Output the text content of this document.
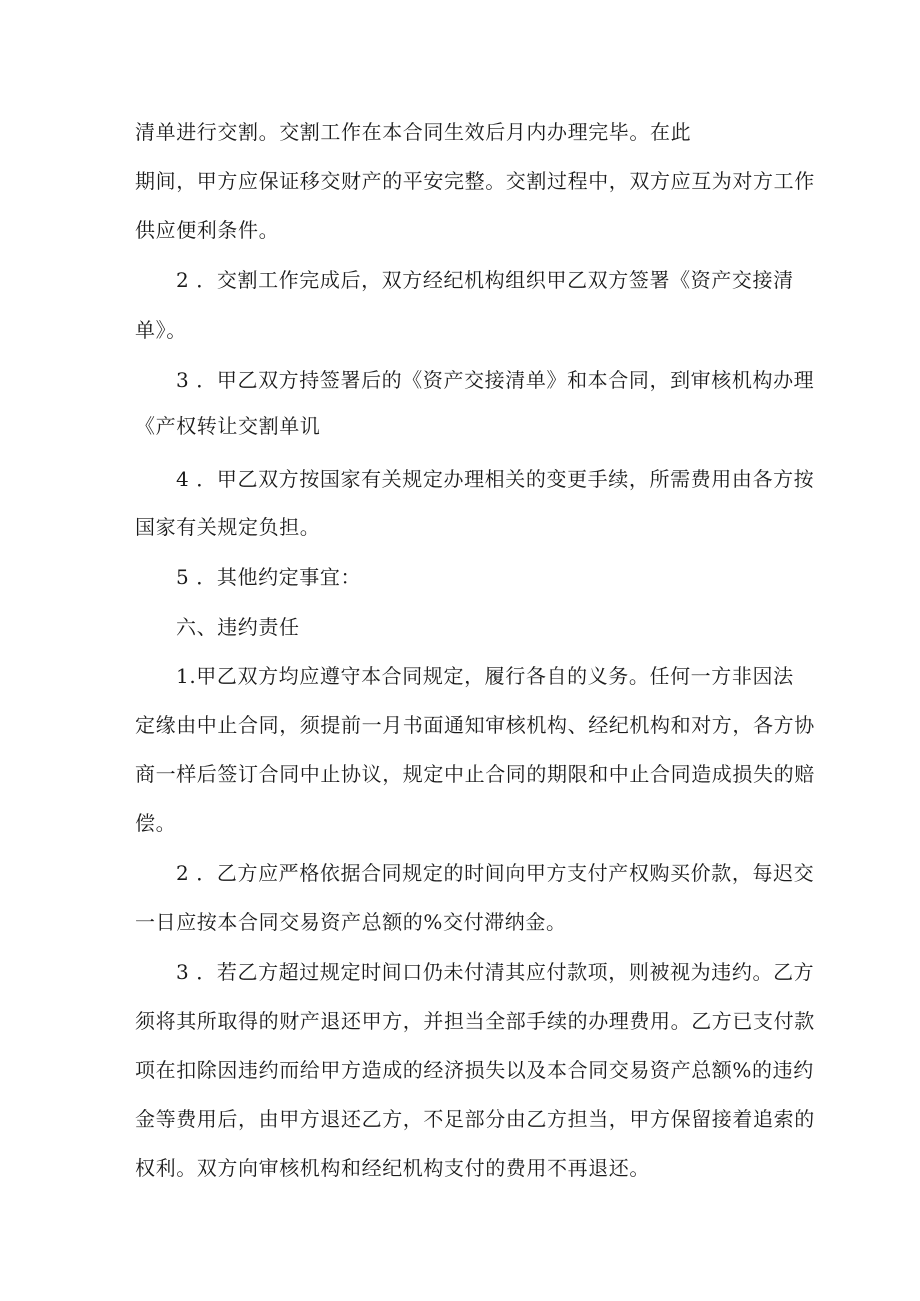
清单进行交割。交割工作在本合同生效后月内办理完毕。在此
期间，甲方应保证移交财产的平安完整。交割过程中，双方应互为对方工作
供应便利条件。
2 ．交割工作完成后，双方经纪机构组织甲乙双方签署《资产交接清
单》。
3 ．甲乙双方持签署后的《资产交接清单》和本合同，到审核机构办理
《产权转让交割单讥
4 ．甲乙双方按国家有关规定办理相关的变更手续，所需费用由各方按
国家有关规定负担。
5 ．其他约定事宜：
六、违约责任
1.甲乙双方均应遵守本合同规定，履行各自的义务。任何一方非因法
定缘由中止合同，须提前一月书面通知审核机构、经纪机构和对方，各方协
商一样后签订合同中止协议，规定中止合同的期限和中止合同造成损失的赔
偿。
2 ．乙方应严格依据合同规定的时间向甲方支付产权购买价款，每迟交
一日应按本合同交易资产总额的%交付滞纳金。
3 ．若乙方超过规定时间口仍未付清其应付款项，则被视为违约。乙方
须将其所取得的财产退还甲方，并担当全部手续的办理费用。乙方已支付款
项在扣除因违约而给甲方造成的经济损失以及本合同交易资产总额%的违约
金等费用后，由甲方退还乙方，不足部分由乙方担当，甲方保留接着追索的
权利。双方向审核机构和经纪机构支付的费用不再退还。
